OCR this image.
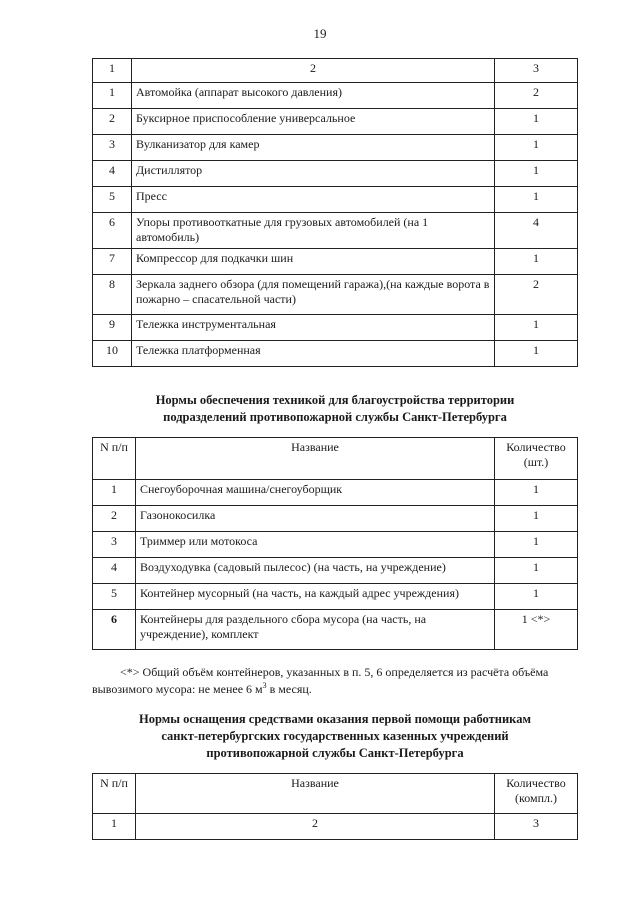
19
1	2	3
1	Автомойка (аппарат высокого давления)	2
2	Буксирное приспособление универсальное	1
3	Вулканизатор для камер	1
4	Дистиллятор	1
5	Пресс	1
6	Упоры противооткатные для грузовых автомобилей (на 1 автомобиль)	4
7	Компрессор для подкачки шин	1
8	Зеркала заднего обзора (для помещений гаража),(на каждые ворота в пожарно – спасательной части)	2
9	Тележка инструментальная	1
10	Тележка платформенная	1
Нормы обеспечения техникой для благоустройства территории
подразделений противопожарной службы Санкт-Петербурга
N п/п	Название	Количество (шт.)
1	Снегоуборочная машина/снегоуборщик	1
2	Газонокосилка	1
3	Триммер или мотокоса	1
4	Воздуходувка (садовый пылесос) (на часть, на учреждение)	1
5	Контейнер мусорный (на часть, на каждый адрес учреждения)	1
6	Контейнеры для раздельного сбора мусора (на часть, на учреждение), комплект	1 <*>
<*> Общий объём контейнеров, указанных в п. 5, 6 определяется из расчёта объёма
вывозимого мусора: не менее 6 $м^3$ в месяц.
Нормы оснащения средствами оказания первой помощи работникам
санкт-петербургских государственных казенных учреждений
противопожарной службы Санкт-Петербурга
N п/п	Название	Количество (компл.)
1	2	3
